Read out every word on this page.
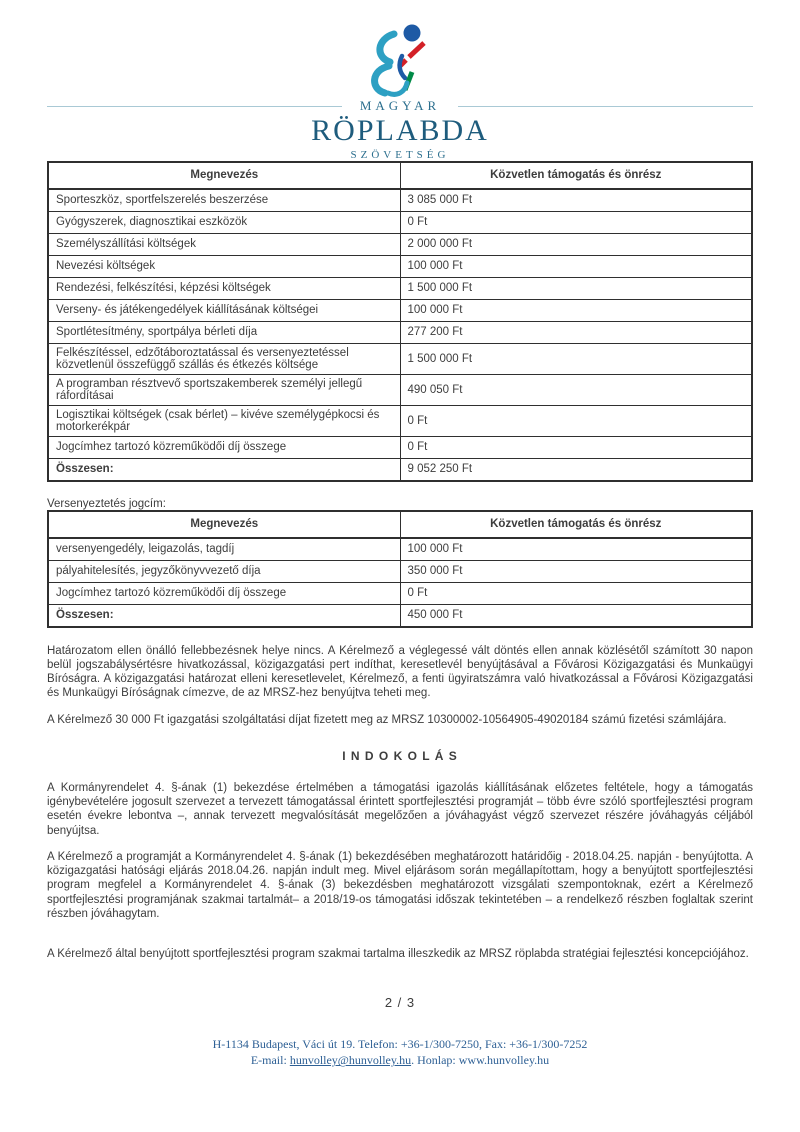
MAGYAR
RÖPLABDA
SZÖVETSÉG
Megnevezés	Közvetlen támogatás és önrész
Sporteszköz, sportfelszerelés beszerzése	3 085 000 Ft
Gyógyszerek, diagnosztikai eszközök	0 Ft
Személyszállítási költségek	2 000 000 Ft
Nevezési költségek	100 000 Ft
Rendezési, felkészítési, képzési költségek	1 500 000 Ft
Verseny- és játékengedélyek kiállításának költségei	100 000 Ft
Sportlétesítmény, sportpálya bérleti díja	277 200 Ft
Felkészítéssel, edzőtáboroztatással és versenyeztetéssel közvetlenül összefüggő szállás és étkezés költsége	1 500 000 Ft
A programban résztvevő sportszakemberek személyi jellegű ráfordításai	490 050 Ft
Logisztikai költségek (csak bérlet) – kivéve személygépkocsi és motorkerékpár	0 Ft
Jogcímhez tartozó közreműködői díj összege	0 Ft
Összesen:	9 052 250 Ft
Versenyeztetés jogcím:
Megnevezés	Közvetlen támogatás és önrész
versenyengedély, leigazolás, tagdíj	100 000 Ft
pályahitelesítés, jegyzőkönyvvezető díja	350 000 Ft
Jogcímhez tartozó közreműködői díj összege	0 Ft
Összesen:	450 000 Ft

Határozatom ellen önálló fellebbezésnek helye nincs. A Kérelmező a véglegessé vált döntés ellen annak közlésétől számított 30 napon belül jogszabálysértésre hivatkozással, közigazgatási pert indíthat, keresetlevél benyújtásával a Fővárosi Közigazgatási és Munkaügyi Bíróságra. A közigazgatási határozat elleni keresetlevelet, Kérelmező, a fenti ügyiratszámra való hivatkozással a Fővárosi Közigazgatási és Munkaügyi Bíróságnak címezve, de az MRSZ-hez benyújtva teheti meg.

A Kérelmező 30 000 Ft igazgatási szolgáltatási díjat fizetett meg az MRSZ 10300002-10564905-49020184 számú fizetési számlájára.

I N D O K O L Á S

A Kormányrendelet 4. §-ának (1) bekezdése értelmében a támogatási igazolás kiállításának előzetes feltétele, hogy a támogatás igénybevételére jogosult szervezet a tervezett támogatással érintett sportfejlesztési programját – több évre szóló sportfejlesztési program esetén évekre lebontva –, annak tervezett megvalósítását megelőzően a jóváhagyást végző szervezet részére jóváhagyás céljából benyújtsa.

A Kérelmező a programját a Kormányrendelet 4. §-ának (1) bekezdésében meghatározott határidőig - 2018.04.25. napján - benyújtotta. A közigazgatási hatósági eljárás 2018.04.26. napján indult meg. Mivel eljárásom során megállapítottam, hogy a benyújtott sportfejlesztési program megfelel a Kormányrendelet 4. §-ának (3) bekezdésben meghatározott vizsgálati szempontoknak, ezért a Kérelmező sportfejlesztési programjának szakmai tartalmát– a 2018/19-os támogatási időszak tekintetében – a rendelkező részben foglaltak szerint részben jóváhagytam.

A Kérelmező által benyújtott sportfejlesztési program szakmai tartalma illeszkedik az MRSZ röplabda stratégiai fejlesztési koncepciójához.

2 / 3
H-1134 Budapest, Váci út 19. Telefon: +36-1/300-7250, Fax: +36-1/300-7252
E-mail: hunvolley@hunvolley.hu. Honlap: www.hunvolley.hu
